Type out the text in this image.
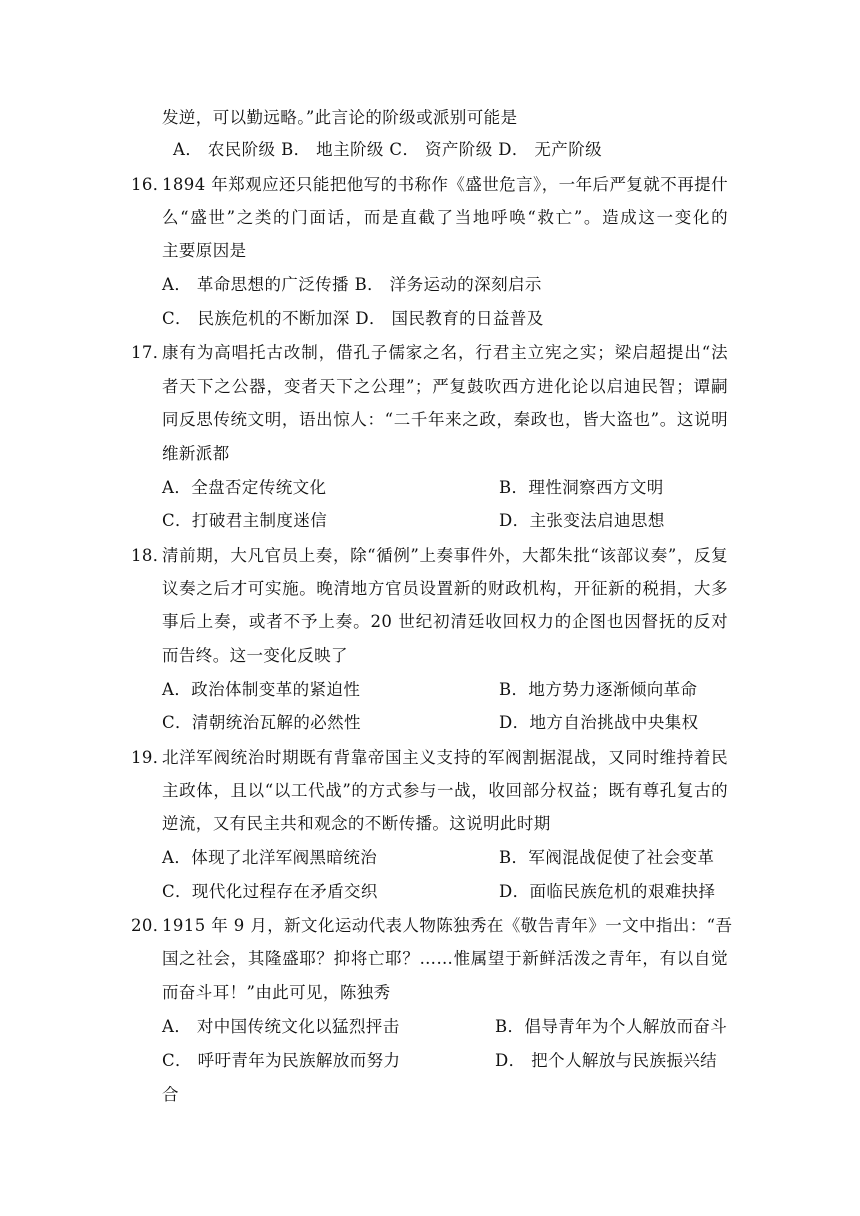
发逆，可以勤远略。”此言论的阶级或派别可能是
A． 农民阶级 B． 地主阶级 C． 资产阶级 D． 无产阶级
16．
1894 年郑观应还只能把他写的书称作《盛世危言》，一年后严复就不再提什
么“盛世”之类的门面话，而是直截了当地呼唤“救亡”。造成这一变化的
主要原因是
A． 革命思想的广泛传播 B． 洋务运动的深刻启示
C． 民族危机的不断加深 D． 国民教育的日益普及
17．
康有为高唱托古改制，借孔子儒家之名，行君主立宪之实；梁启超提出“法
者天下之公器，变者天下之公理”；严复鼓吹西方进化论以启迪民智；谭嗣
同反思传统文明，语出惊人：“二千年来之政，秦政也，皆大盗也”。这说明
维新派都
A．全盘否定传统文化	B．理性洞察西方文明
C．打破君主制度迷信	D．主张变法启迪思想
18．
清前期，大凡官员上奏，除“循例”上奏事件外，大都朱批“该部议奏”，反复
议奏之后才可实施。晚清地方官员设置新的财政机构，开征新的税捐，大多
事后上奏，或者不予上奏。20 世纪初清廷收回权力的企图也因督抚的反对
而告终。这一变化反映了
A．政治体制变革的紧迫性	B．地方势力逐渐倾向革命
C．清朝统治瓦解的必然性	D．地方自治挑战中央集权
19．
北洋军阀统治时期既有背靠帝国主义支持的军阀割据混战，又同时维持着民
主政体，且以“以工代战”的方式参与一战，收回部分权益；既有尊孔复古的
逆流，又有民主共和观念的不断传播。这说明此时期
A．体现了北洋军阀黑暗统治	B．军阀混战促使了社会变革
C．现代化过程存在矛盾交织	D．面临民族危机的艰难抉择
20．
1915 年 9 月，新文化运动代表人物陈独秀在《敬告青年》一文中指出：“吾
国之社会，其隆盛耶？抑将亡耶？……惟属望于新鲜活泼之青年，有以自觉
而奋斗耳！”由此可见，陈独秀
A． 对中国传统文化以猛烈抨击	B．倡导青年为个人解放而奋斗
C． 呼吁青年为民族解放而努力	D． 把个人解放与民族振兴结
合
